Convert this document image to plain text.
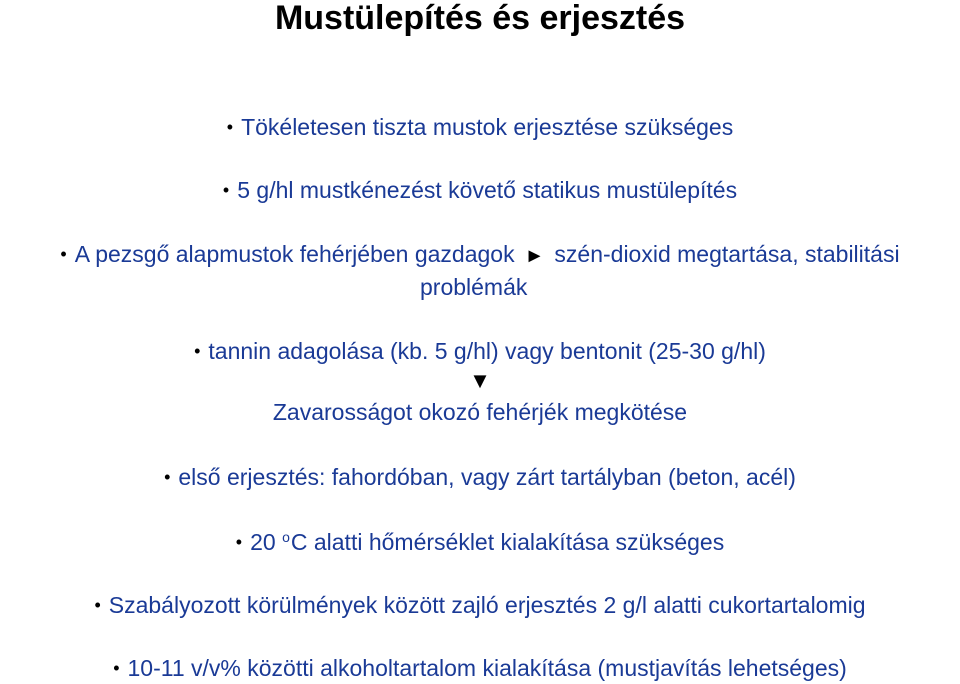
Mustülepítés és erjesztés
• Tökéletesen tiszta mustok erjesztése szükséges
• 5 g/hl mustkénezést követő statikus mustülepítés
• A pezsgő alapmustok fehérjében gazdagok ► szén-dioxid megtartása, stabilitási
problémák
• tannin adagolása (kb. 5 g/hl) vagy bentonit (25-30 g/hl)
▼
Zavarosságot okozó fehérjék megkötése
• első erjesztés: fahordóban, vagy zárt tartályban (beton, acél)
• 20 $^o$C alatti hőmérséklet kialakítása szükséges
• Szabályozott körülmények között zajló erjesztés 2 g/l alatti cukortartalomig
• 10-11 v/v% közötti alkoholtartalom kialakítása (mustjavítás lehetséges)
